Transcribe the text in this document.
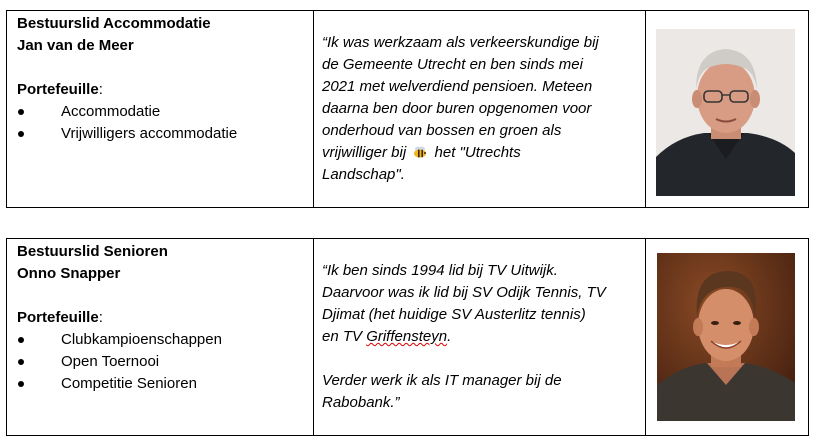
Bestuurslid Accommodatie
Jan van de Meer
Portefeuille:
Accommodatie
Vrijwilligers accommodatie
“Ik was werkzaam als verkeerskundige bij
de Gemeente Utrecht en ben sinds mei
2021 met welverdiend pensioen. Meteen
daarna ben door buren opgenomen voor
onderhoud van bossen en groen als
vrijwilliger bij  het "Utrechts
Landschap".
Bestuurslid Senioren
Onno Snapper
Portefeuille:
Clubkampioenschappen
Open Toernooi
Competitie Senioren
“Ik ben sinds 1994 lid bij TV Uitwijk.
Daarvoor was ik lid bij SV Odijk Tennis, TV
Djimat (het huidige SV Austerlitz tennis)
en TV Griffensteyn.
Verder werk ik als IT manager bij de
Rabobank.”
